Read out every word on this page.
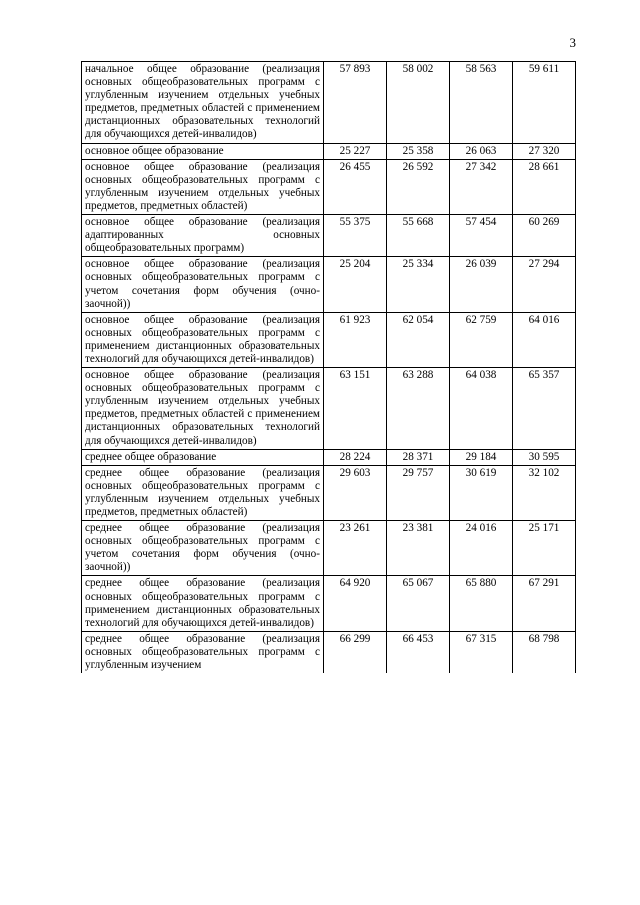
3
начальное общее образование (реализация основных общеобразовательных программ с углубленным изучением отдельных учебных предметов, предметных областей с применением дистанционных образовательных технологий для обучающихся детей-инвалидов)	57 893	58 002	58 563	59 611
основное общее образование	25 227	25 358	26 063	27 320
основное общее образование (реализация основных общеобразовательных программ с углубленным изучением отдельных учебных предметов, предметных областей)	26 455	26 592	27 342	28 661
основное общее образование (реализация адаптированных основных общеобразовательных программ)	55 375	55 668	57 454	60 269
основное общее образование (реализация основных общеобразовательных программ с учетом сочетания форм обучения (очно-заочной))	25 204	25 334	26 039	27 294
основное общее образование (реализация основных общеобразовательных программ с применением дистанционных образовательных технологий для обучающихся детей-инвалидов)	61 923	62 054	62 759	64 016
основное общее образование (реализация основных общеобразовательных программ с углубленным изучением отдельных учебных предметов, предметных областей с применением дистанционных образовательных технологий для обучающихся детей-инвалидов)	63 151	63 288	64 038	65 357
среднее общее образование	28 224	28 371	29 184	30 595
среднее общее образование (реализация основных общеобразовательных программ с углубленным изучением отдельных учебных предметов, предметных областей)	29 603	29 757	30 619	32 102
среднее общее образование (реализация основных общеобразовательных программ с учетом сочетания форм обучения (очно-заочной))	23 261	23 381	24 016	25 171
среднее общее образование (реализация основных общеобразовательных программ с применением дистанционных образовательных технологий для обучающихся детей-инвалидов)	64 920	65 067	65 880	67 291
среднее общее образование (реализация основных общеобразовательных программ с углубленным изучением	66 299	66 453	67 315	68 798
